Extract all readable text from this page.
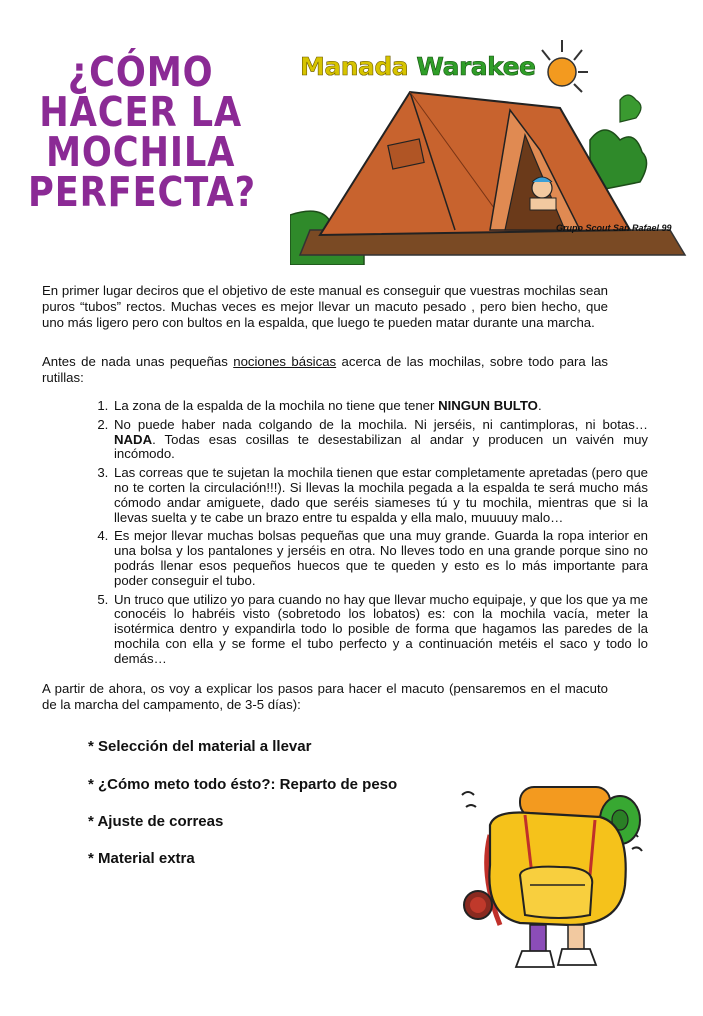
¿CÓMO
HACER LA
MOCHILA
PERFECTA?
Manada Warakee
Grupo Scout San Rafael 99
En primer lugar deciros que el objetivo de este manual es conseguir que vuestras mochilas sean puros “tubos” rectos. Muchas veces es mejor llevar un macuto pesado , pero bien hecho, que uno más ligero pero con bultos en la espalda, que luego te pueden matar durante una marcha.
Antes de nada unas pequeñas nociones básicas acerca de las mochilas, sobre todo para las rutillas:
1. La zona de la espalda de la mochila no tiene que tener NINGUN BULTO.
2. No puede haber nada colgando de la mochila. Ni jerséis, ni cantimploras, ni botas… NADA. Todas esas cosillas te desestabilizan al andar y producen un vaivén muy incómodo.
3. Las correas que te sujetan la mochila tienen que estar completamente apretadas (pero que no te corten la circulación!!!). Si llevas la mochila pegada a la espalda te será mucho más cómodo andar amiguete, dado que seréis siameses tú y tu mochila, mientras que si la llevas suelta y te cabe un brazo entre tu espalda y ella malo, muuuuy malo…
4. Es mejor llevar muchas bolsas pequeñas que una muy grande. Guarda la ropa interior en una bolsa y los pantalones y jerséis en otra. No lleves todo en una grande porque sino no podrás llenar esos pequeños huecos que te queden y esto es lo más importante para poder conseguir el tubo.
5. Un truco que utilizo yo para cuando no hay que llevar mucho equipaje, y que los que ya me conocéis lo habréis visto (sobretodo los lobatos) es: con la mochila vacía, meter la isotérmica dentro y expandirla todo lo posible de forma que hagamos las paredes de la mochila con ella y se forme el tubo perfecto y a continuación metéis el saco y todo lo demás…
A partir de ahora, os voy a explicar los pasos para hacer el macuto (pensaremos en el macuto de la marcha del campamento, de 3-5 días):
* Selección del material a llevar
* ¿Cómo meto todo ésto?: Reparto de peso
* Ajuste de correas
* Material extra
